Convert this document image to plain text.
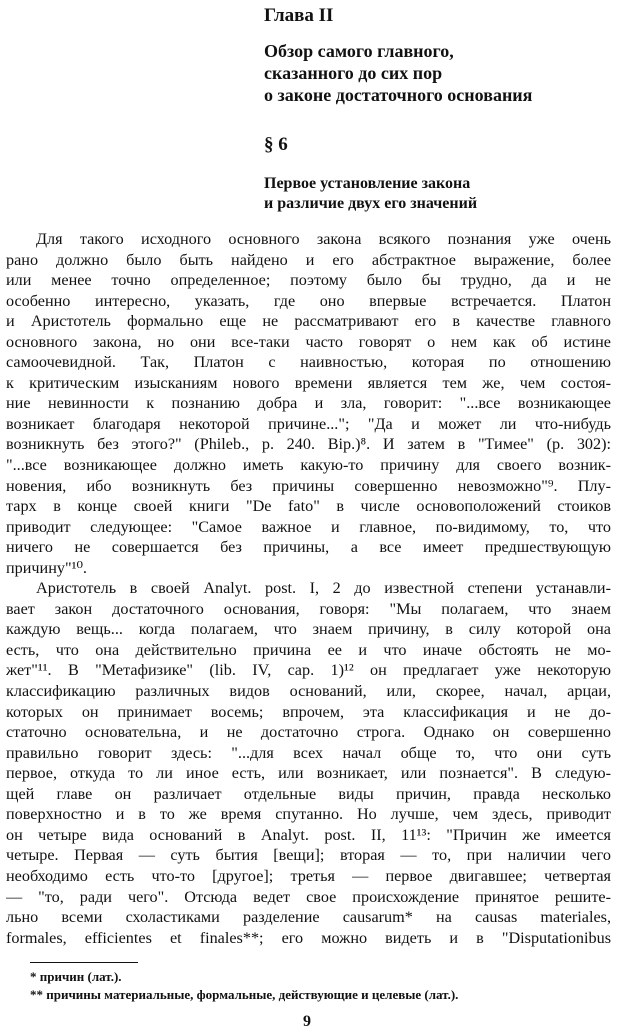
Глава II
Обзор самого главного,
сказанного до сих пор
о законе достаточного основания
§ 6
Первое установление закона
и различие двух его значений
Для такого исходного основного закона всякого познания уже очень
рано должно было быть найдено и его абстрактное выражение, более
или менее точно определенное; поэтому было бы трудно, да и не
особенно интересно, указать, где оно впервые встречается. Платон
и Аристотель формально еще не рассматривают его в качестве главного
основного закона, но они все-таки часто говорят о нем как об истине
самоочевидной. Так, Платон с наивностью, которая по отношению
к критическим изысканиям нового времени является тем же, чем состоя-
ние невинности к познанию добра и зла, говорит: "...все возникающее
возникает благодаря некоторой причине..."; "Да и может ли что-нибудь
возникнуть без этого?" (Phileb., p. 240. Bip.)⁸. И затем в "Тимее" (p. 302):
"...все возникающее должно иметь какую-то причину для своего возник-
новения, ибо возникнуть без причины совершенно невозможно"⁹. Плу-
тарх в конце своей книги "De fato" в числе основоположений стоиков
приводит следующее: "Самое важное и главное, по-видимому, то, что
ничего не совершается без причины, а все имеет предшествующую
причину"¹⁰.
Аристотель в своей Analyt. post. I, 2 до известной степени устанавли-
вает закон достаточного основания, говоря: "Мы полагаем, что знаем
каждую вещь... когда полагаем, что знаем причину, в силу которой она
есть, что она действительно причина ее и что иначе обстоять не мо-
жет"¹¹. В "Метафизике" (lib. IV, cap. 1)¹² он предлагает уже некоторую
классификацию различных видов оснований, или, скорее, начал, арцаи,
которых он принимает восемь; впрочем, эта классификация и не до-
статочно основательна, и не достаточно строга. Однако он совершенно
правильно говорит здесь: "...для всех начал обще то, что они суть
первое, откуда то ли иное есть, или возникает, или познается". В следую-
щей главе он различает отдельные виды причин, правда несколько
поверхностно и в то же время спутанно. Но лучше, чем здесь, приводит
он четыре вида оснований в Analyt. post. II, 11¹³: "Причин же имеется
четыре. Первая — суть бытия [вещи]; вторая — то, при наличии чего
необходимо есть что-то [другое]; третья — первое двигавшее; четвертая
— "то, ради чего". Отсюда ведет свое происхождение принятое решите-
льно всеми схоластиками разделение causarum* на causas materiales,
formales, efficientes et finales**; его можно видеть и в "Disputationibus
* причин (лат.).
** причины материальные, формальные, действующие и целевые (лат.).
9
